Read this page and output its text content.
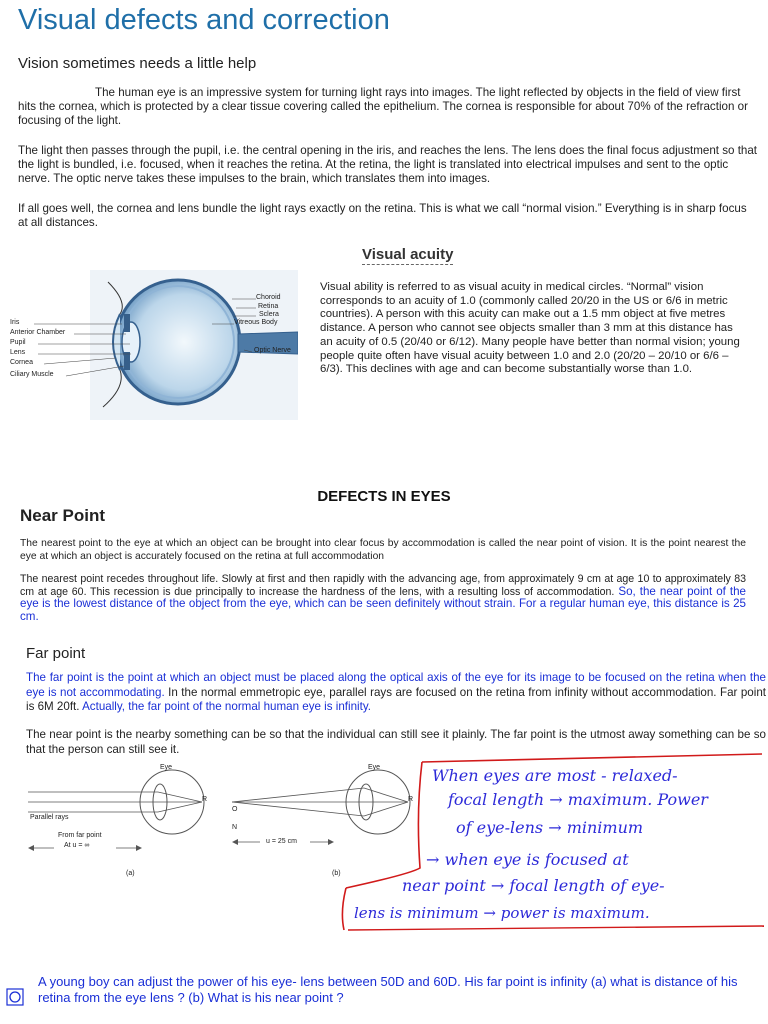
Visual defects and correction
Vision sometimes needs a little help
The human eye is an impressive system for turning light rays into images. The light reflected by objects in the field of view first hits the cornea, which is protected by a clear tissue covering called the epithelium. The cornea is responsible for about 70% of the refraction or focusing of the light.
The light then passes through the pupil, i.e. the central opening in the iris, and reaches the lens. The lens does the final focus adjustment so that the light is bundled, i.e. focused, when it reaches the retina. At the retina, the light is translated into electrical impulses and sent to the optic nerve. The optic nerve takes these impulses to the brain, which translates them into images.
If all goes well, the cornea and lens bundle the light rays exactly on the retina. This is what we call “normal vision.” Everything is in sharp focus at all distances.
Visual acuity
Visual ability is referred to as visual acuity in medical circles. “Normal” vision corresponds to an acuity of 1.0 (commonly called 20/20 in the US or 6/6 in metric countries). A person with this acuity can make out a 1.5 mm object at five metres distance. A person who cannot see objects smaller than 3 mm at this distance has an acuity of 0.5 (20/40 or 6/12). Many people have better than normal vision; young people quite often have visual acuity between 1.0 and 2.0 (20/20 – 20/10 or 6/6 – 6/3). This declines with age and can become substantially worse than 1.0.
Choroid
Retina
Sclera
Vitreous Body
Optic Nerve
Iris
Anterior Chamber
Pupil
Lens
Cornea
Ciliary Muscle
DEFECTS IN EYES
Near Point
The nearest point to the eye at which an object can be brought into clear focus by accommodation is called the near point of vision. It is the point nearest the eye at which an object is accurately focused on the retina at full accommodation
The nearest point recedes throughout life. Slowly at first and then rapidly with the advancing age, from approximately 9 cm at age 10 to approximately 83 cm at age 60. This recession is due principally to increase the hardness of the lens, with a resulting loss of accommodation. So, the near point of the eye is the lowest distance of the object from the eye, which can be seen definitely without strain. For a regular human eye, this distance is 25 cm.
Far point
The far point is the point at which an object must be placed along the optical axis of the eye for its image to be focused on the retina when the eye is not accommodating. In the normal emmetropic eye, parallel rays are focused on the retina from infinity without accommodation. Far point is 6M 20ft. Actually, the far point of the normal human eye is infinity.
The near point is the nearby something can be so that the individual can still see it plainly. The far point is the utmost away something can be so that the person can still see it.
Eye
Parallel rays
From far point
At u = ∞
R
(a)
Eye
O
N
u = 25 cm
R
(b)
When eyes are most - relaxed-
focal length → maximum. Power
of eye-lens → minimum
→ when eye is focused at
near point → focal length of eye-
lens is minimum → power is maximum.
A young boy can adjust the power of his eye- lens between 50D and 60D. His far point is infinity (a) what is distance of his retina from the eye lens ? (b) What is his near point ?
